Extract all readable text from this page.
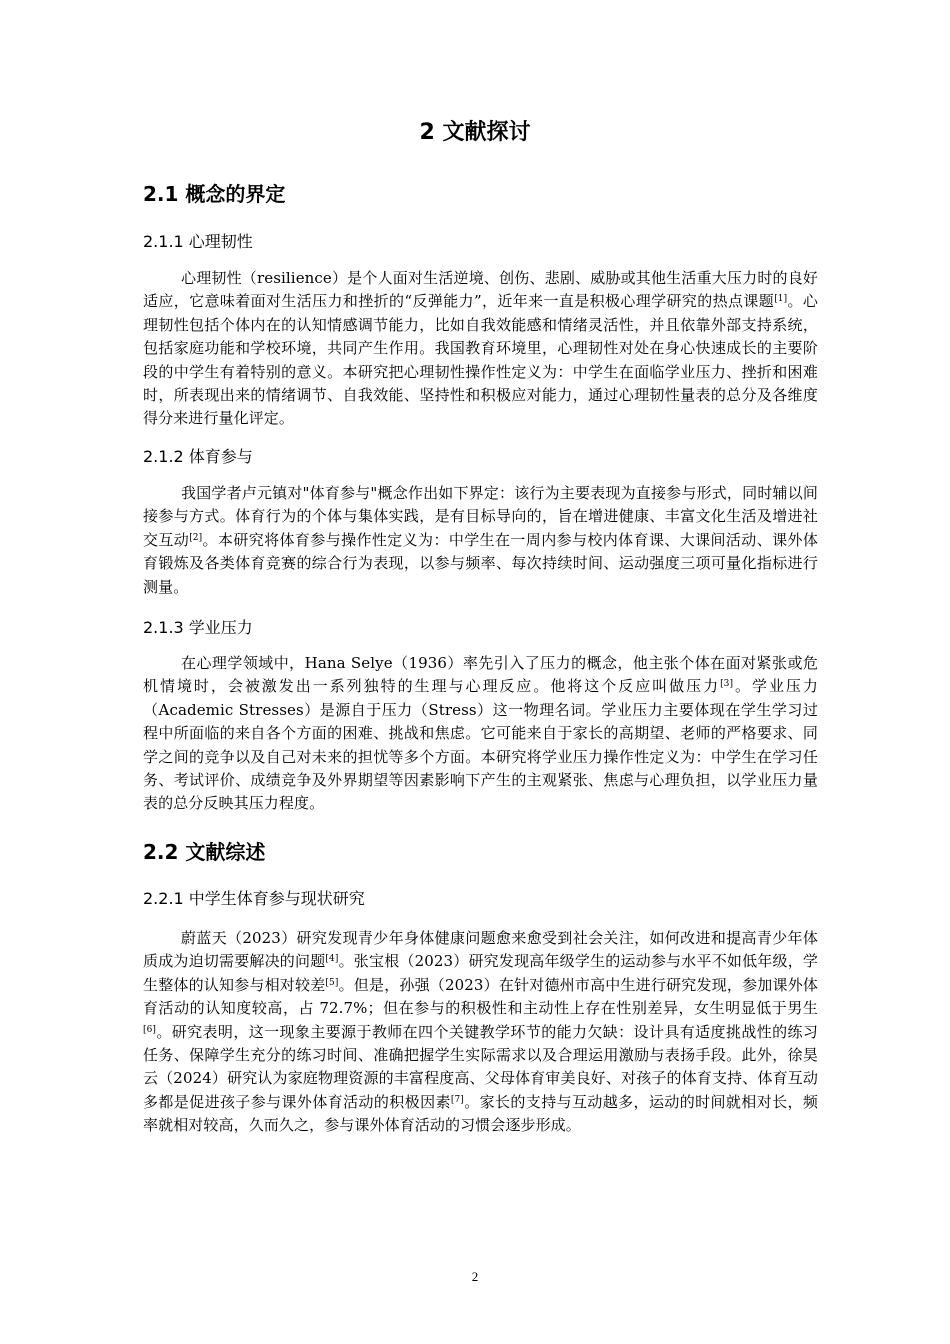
2 文献探讨
2.1 概念的界定
2.1.1 心理韧性

心理韧性（resilience）是个人面对生活逆境、创伤、悲剧、威胁或其他生活重大压力时的良好适应，它意味着面对生活压力和挫折的“反弹能力”，近年来一直是积极心理学研究的热点课题[1]。心理韧性包括个体内在的认知情感调节能力，比如自我效能感和情绪灵活性，并且依靠外部支持系统，包括家庭功能和学校环境，共同产生作用。我国教育环境里，心理韧性对处在身心快速成长的主要阶段的中学生有着特别的意义。本研究把心理韧性操作性定义为：中学生在面临学业压力、挫折和困难时，所表现出来的情绪调节、自我效能、坚持性和积极应对能力，通过心理韧性量表的总分及各维度得分来进行量化评定。

2.1.2 体育参与

我国学者卢元镇对"体育参与"概念作出如下界定：该行为主要表现为直接参与形式，同时辅以间接参与方式。体育行为的个体与集体实践，是有目标导向的，旨在增进健康、丰富文化生活及增进社交互动[2]。本研究将体育参与操作性定义为：中学生在一周内参与校内体育课、大课间活动、课外体育锻炼及各类体育竞赛的综合行为表现，以参与频率、每次持续时间、运动强度三项可量化指标进行测量。

2.1.3 学业压力

在心理学领域中，Hana Selye（1936）率先引入了压力的概念，他主张个体在面对紧张或危机情境时，会被激发出一系列独特的生理与心理反应。他将这个反应叫做压力[3]。学业压力（Academic Stresses）是源自于压力（Stress）这一物理名词。学业压力主要体现在学生学习过程中所面临的来自各个方面的困难、挑战和焦虑。它可能来自于家长的高期望、老师的严格要求、同学之间的竞争以及自己对未来的担忧等多个方面。本研究将学业压力操作性定义为：中学生在学习任务、考试评价、成绩竞争及外界期望等因素影响下产生的主观紧张、焦虑与心理负担，以学业压力量表的总分反映其压力程度。

2.2 文献综述
2.2.1 中学生体育参与现状研究

蔚蓝天（2023）研究发现青少年身体健康问题愈来愈受到社会关注，如何改进和提高青少年体质成为迫切需要解决的问题[4]。张宝根（2023）研究发现高年级学生的运动参与水平不如低年级，学生整体的认知参与相对较差[5]。但是，孙强（2023）在针对德州市高中生进行研究发现，参加课外体育活动的认知度较高，占 72.7%；但在参与的积极性和主动性上存在性别差异，女生明显低于男生[6]。研究表明，这一现象主要源于教师在四个关键教学环节的能力欠缺：设计具有适度挑战性的练习任务、保障学生充分的练习时间、准确把握学生实际需求以及合理运用激励与表扬手段。此外，徐昊云（2024）研究认为家庭物理资源的丰富程度高、父母体育审美良好、对孩子的体育支持、体育互动多都是促进孩子参与课外体育活动的积极因素[7]。家长的支持与互动越多，运动的时间就相对长，频率就相对较高，久而久之，参与课外体育活动的习惯会逐步形成。

2
